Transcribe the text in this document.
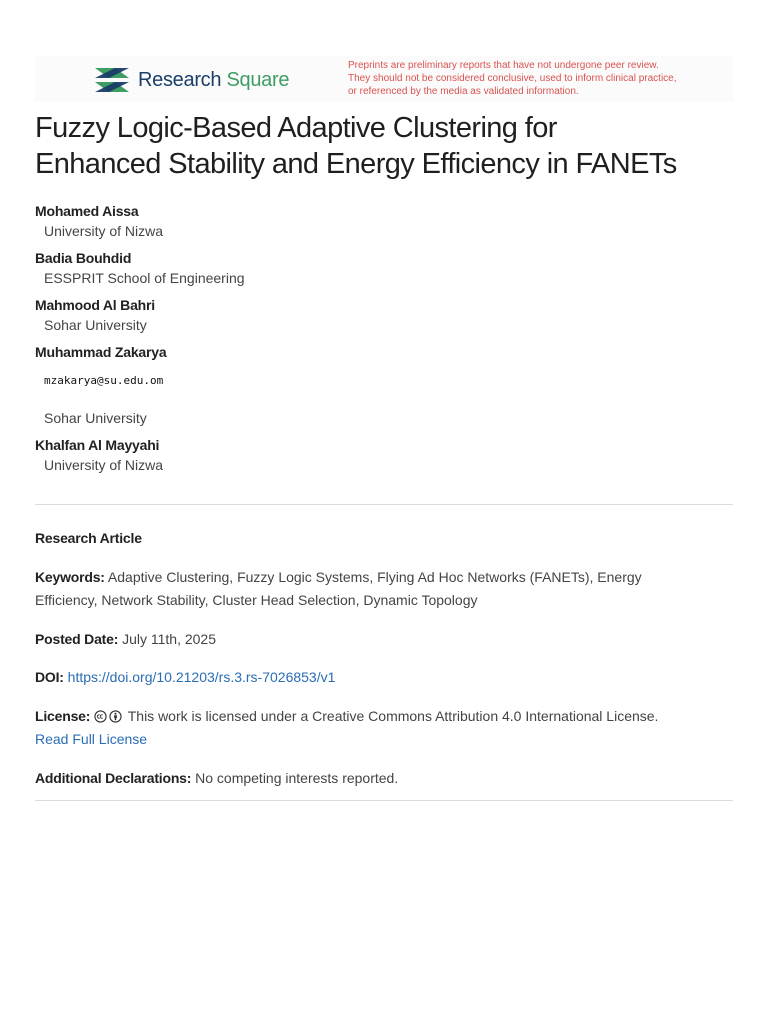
Research Square
Preprints are preliminary reports that have not undergone peer review.
They should not be considered conclusive, used to inform clinical practice,
or referenced by the media as validated information.
Fuzzy Logic-Based Adaptive Clustering for
Enhanced Stability and Energy Efficiency in FANETs
Mohamed Aissa
University of Nizwa
Badia Bouhdid
ESSPRIT School of Engineering
Mahmood Al Bahri
Sohar University
Muhammad Zakarya
mzakarya@su.edu.om
Sohar University
Khalfan Al Mayyahi
University of Nizwa
Research Article
Keywords: Adaptive Clustering, Fuzzy Logic Systems, Flying Ad Hoc Networks (FANETs), Energy
Efficiency, Network Stability, Cluster Head Selection, Dynamic Topology
Posted Date: July 11th, 2025
DOI: https://doi.org/10.21203/rs.3.rs-7026853/v1
License:	This work is licensed under a Creative Commons Attribution 4.0 International License.
Read Full License
Additional Declarations: No competing interests reported.
